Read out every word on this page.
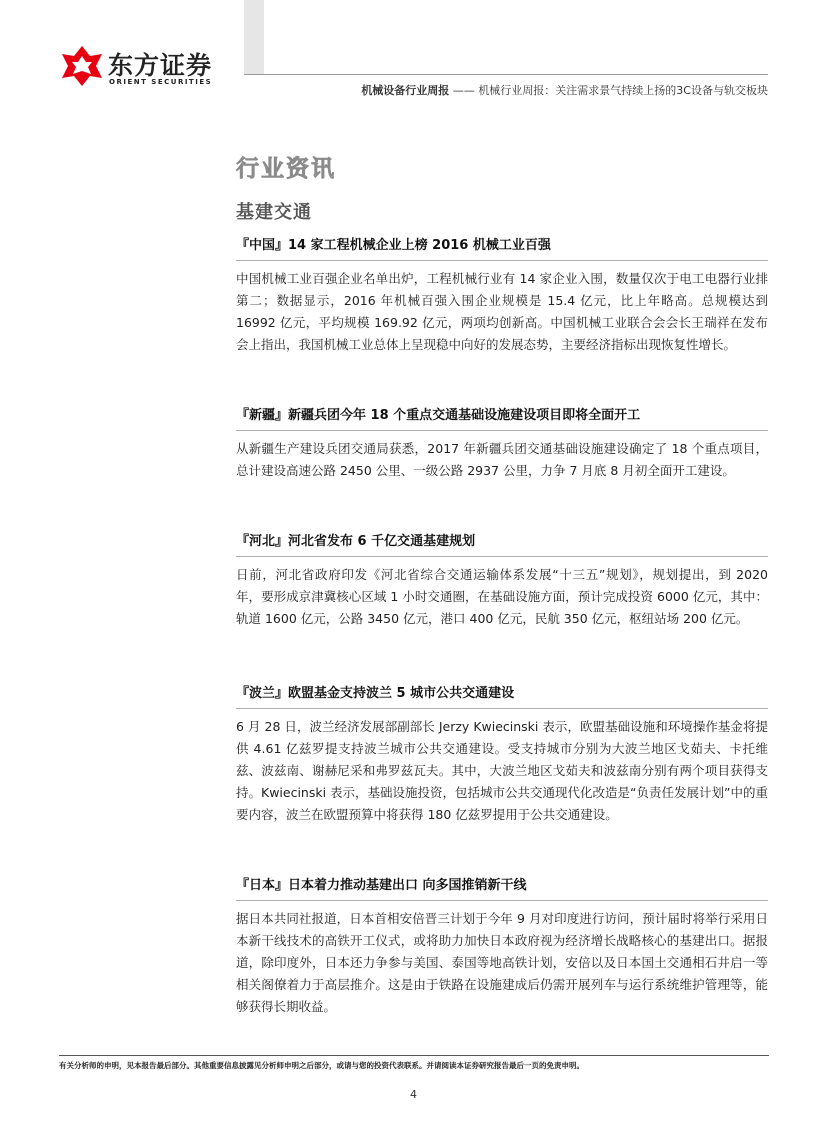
东方证券
ORIENT SECURITIES
机械设备行业周报 —— 机械行业周报：关注需求景气持续上扬的3C设备与轨交板块
行业资讯
基建交通
『中国』14 家工程机械企业上榜 2016 机械工业百强
中国机械工业百强企业名单出炉，工程机械行业有 14 家企业入围，数量仅次于电工电器行业排第二；数据显示，2016 年机械百强入围企业规模是 15.4 亿元，比上年略高。总规模达到 16992 亿元，平均规模 169.92 亿元，两项均创新高。中国机械工业联合会会长王瑞祥在发布会上指出，我国机械工业总体上呈现稳中向好的发展态势，主要经济指标出现恢复性增长。
『新疆』新疆兵团今年 18 个重点交通基础设施建设项目即将全面开工
从新疆生产建设兵团交通局获悉，2017 年新疆兵团交通基础设施建设确定了 18 个重点项目，总计建设高速公路 2450 公里、一级公路 2937 公里，力争 7 月底 8 月初全面开工建设。
『河北』河北省发布 6 千亿交通基建规划
日前，河北省政府印发《河北省综合交通运输体系发展“十三五”规划》，规划提出，到 2020 年，要形成京津冀核心区域 1 小时交通圈，在基础设施方面，预计完成投资 6000 亿元，其中：轨道 1600 亿元，公路 3450 亿元，港口 400 亿元，民航 350 亿元，枢纽站场 200 亿元。
『波兰』欧盟基金支持波兰 5 城市公共交通建设
6 月 28 日，波兰经济发展部副部长 Jerzy Kwiecinski 表示，欧盟基础设施和环境操作基金将提供 4.61 亿兹罗提支持波兰城市公共交通建设。受支持城市分别为大波兰地区戈茹夫、卡托维兹、波兹南、谢赫尼采和弗罗兹瓦夫。其中，大波兰地区戈茹夫和波兹南分别有两个项目获得支持。Kwiecinski 表示，基础设施投资，包括城市公共交通现代化改造是“负责任发展计划”中的重要内容，波兰在欧盟预算中将获得 180 亿兹罗提用于公共交通建设。
『日本』日本着力推动基建出口 向多国推销新干线
据日本共同社报道，日本首相安倍晋三计划于今年 9 月对印度进行访问，预计届时将举行采用日本新干线技术的高铁开工仪式，或将助力加快日本政府视为经济增长战略核心的基建出口。据报道，除印度外，日本还力争参与美国、泰国等地高铁计划，安倍以及日本国土交通相石井启一等相关阁僚着力于高层推介。这是由于铁路在设施建成后仍需开展列车与运行系统维护管理等，能够获得长期收益。
有关分析师的申明，见本报告最后部分。其他重要信息披露见分析师申明之后部分，或请与您的投资代表联系。并请阅读本证券研究报告最后一页的免责申明。
4
